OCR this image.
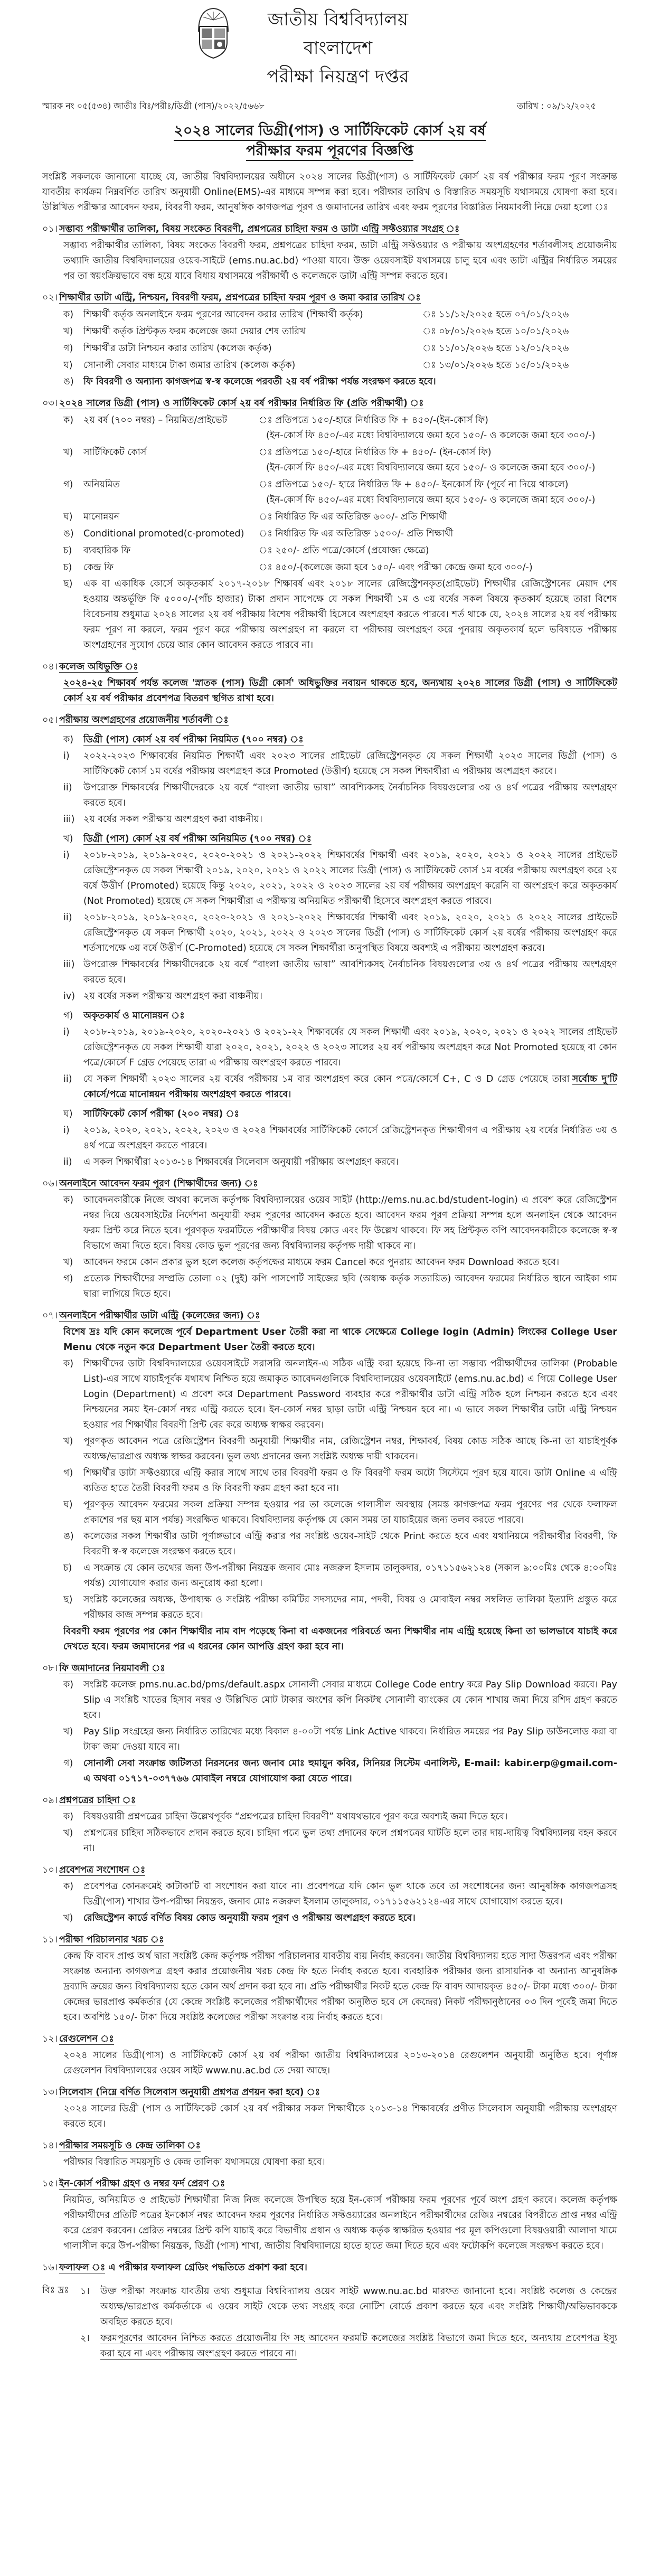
জাতীয় বিশ্ববিদ্যালয়
বাংলাদেশ
পরীক্ষা নিয়ন্ত্রণ দপ্তর
স্মারক নং ০৫(৫৩৪) জাতীঃ বিঃ/পরীঃ/ডিগ্রী (পাস)/২০২২/৫৬৬৮	তারিখ : ০৯/১২/২০২৫
২০২৪ সালের ডিগ্রী(পাস) ও সার্টিফিকেট কোর্স ২য় বর্ষ
পরীক্ষার ফরম পূরণের বিজ্ঞপ্তি
সংশ্লিষ্ট সকলকে জানানো যাচ্ছে যে, জাতীয় বিশ্ববিদ্যালয়ের অধীনে ২০২৪ সালের ডিগ্রী(পাস) ও সার্টিফিকেট কোর্স ২য় বর্ষ পরীক্ষার ফরম পূরণ সংক্রান্ত যাবতীয় কার্যক্রম নিম্নবর্ণিত তারিখ অনুযায়ী Online(EMS)-এর মাধ্যমে সম্পন্ন করা হবে। পরীক্ষার তারিখ ও বিস্তারিত সময়সূচি যথাসময়ে ঘোষণা করা হবে। উল্লিখিত পরীক্ষার আবেদন ফরম, বিবরণী ফরম, আনুষঙ্গিক কাগজপত্র পূরণ ও জমাদানের তারিখ এবং ফরম পূরণের বিস্তারিত নিয়মাবলী নিম্নে দেয়া হলো ঃ
০১। সম্ভাব্য পরীক্ষার্থীর তালিকা, বিষয় সংকেত বিবরণী, প্রশ্নপত্রের চাহিদা ফরম ও ডাটা এন্ট্রি সফ্টওয়্যার সংগ্রহ ঃ
সম্ভাব্য পরীক্ষার্থীর তালিকা, বিষয় সংকেত বিবরণী ফরম, প্রশ্নপত্রের চাহিদা ফরম, ডাটা এন্ট্রি সফ্টওয়্যার ও পরীক্ষায় অংশগ্রহণের শর্তাবলীসহ প্রয়োজনীয় তথ্যাদি জাতীয় বিশ্ববিদ্যালয়ের ওয়েব-সাইটে (ems.nu.ac.bd) পাওয়া যাবে। উক্ত ওয়েবসাইট যথাসময়ে চালু হবে এবং ডাটা এন্ট্রির নির্ধারিত সময়ের পর তা স্বয়ংক্রিয়ভাবে বন্ধ হয়ে যাবে বিধায় যথাসময়ে পরীক্ষার্থী ও কলেজকে ডাটা এন্ট্রি সম্পন্ন করতে হবে।
০২। শিক্ষার্থীর ডাটা এন্ট্রি, নিশ্চয়ন, বিবরণী ফরম, প্রশ্নপত্রের চাহিদা ফরম পূরণ ও জমা করার তারিখ ঃ
ক)	শিক্ষার্থী কর্তৃক অনলাইনে ফরম পূরণের আবেদন করার তারিখ (শিক্ষার্থী কর্তৃক)	ঃ ১১/১২/২০২৫ হতে ০৭/০১/২০২৬
খ)	শিক্ষার্থী কর্তৃক প্রিন্টকৃত ফরম কলেজে জমা দেয়ার শেষ তারিখ	ঃ ০৮/০১/২০২৬ হতে ১০/০১/২০২৬
গ)	শিক্ষার্থীর ডাটা নিশ্চয়ন করার তারিখ (কলেজ কর্তৃক)	ঃ ১১/০১/২০২৬ হতে ১২/০১/২০২৬
ঘ)	সোনালী সেবার মাধ্যমে টাকা জমার তারিখ (কলেজ কর্তৃক)	ঃ ১৩/০১/২০২৬ হতে ১৫/০১/২০২৬
ঙ)	ফি বিবরণী ও অন্যান্য কাগজপত্র স্ব-স্ব কলেজে পরবর্তী ২য় বর্ষ পরীক্ষা পর্যন্ত সংরক্ষণ করতে হবে।
০৩। ২০২৪ সালের ডিগ্রী (পাস) ও সার্টিফিকেট কোর্স ২য় বর্ষ পরীক্ষার নির্ধারিত ফি (প্রতি পরীক্ষার্থী) ঃ
ক)	২য় বর্ষ (৭০০ নম্বর) – নিয়মিত/প্রাইভেট	ঃ প্রতিপত্রে ১৫০/-হারে নির্ধারিত ফি + ৪৫০/-(ইন-কোর্স ফি)
(ইন-কোর্স ফি ৪৫০/-এর মধ্যে বিশ্ববিদ্যালয়ে জমা হবে ১৫০/- ও কলেজে জমা হবে ৩০০/-)
খ)	সার্টিফিকেট কোর্স	ঃ প্রতিপত্রে ১৫০/-হারে নির্ধারিত ফি + ৪৫০/- (ইন-কোর্স ফি)
(ইন-কোর্স ফি ৪৫০/-এর মধ্যে বিশ্ববিদ্যালয়ে জমা হবে ১৫০/- ও কলেজে জমা হবে ৩০০/-)
গ)	অনিয়মিত	ঃ প্রতিপত্রে ১৫০/- হারে নির্ধারিত ফি + ৪৫০/- ইনকোর্স ফি (পূর্বে না দিয়ে থাকলে)
(ইন-কোর্স ফি ৪৫০/-এর মধ্যে বিশ্ববিদ্যালয়ে জমা হবে ১৫০/- ও কলেজে জমা হবে ৩০০/-)
ঘ)	মানোন্নয়ন	ঃ নির্ধারিত ফি এর অতিরিক্ত ৬০০/- প্রতি শিক্ষার্থী
ঙ)	Conditional promoted(c-promoted) ঃ নির্ধারিত ফি এর অতিরিক্ত ১৫০০/- প্রতি শিক্ষার্থী
চ)	ব্যবহারিক ফি	ঃ ২৫০/- প্রতি পত্রে/কোর্সে (প্রযোজ্য ক্ষেত্রে)
চ)	কেন্দ্র ফি	ঃ ৪৫০/-(কলেজে জমা হবে ১৫০/- এবং পরীক্ষা কেন্দ্রে জমা হবে ৩০০/-)
ছ)	এক বা একাধিক কোর্সে অকৃতকার্য ২০১৭-২০১৮ শিক্ষাবর্ষ এবং ২০১৮ সালের রেজিস্ট্রেশনকৃত(প্রাইভেট) শিক্ষার্থীর রেজিস্ট্রেশনের মেয়াদ শেষ হওয়ায় অন্তর্ভূক্তি ফি ৫০০০/-(পাঁচ হাজার) টাকা প্রদান সাপেক্ষে যে সকল শিক্ষার্থী ১ম ও ৩য় বর্ষের সকল বিষয়ে কৃতকার্য হয়েছে তারা বিশেষ বিবেচনায় শুধুমাত্র ২০২৪ সালের ২য় বর্ষ পরীক্ষায় বিশেষ পরীক্ষার্থী হিসেবে অংশগ্রহণ করতে পারবে। শর্ত থাকে যে, ২০২৪ সালের ২য় বর্ষ পরীক্ষায় ফরম পূরণ না করলে, ফরম পূরণ করে পরীক্ষায় অংশগ্রহণ না করলে বা পরীক্ষায় অংশগ্রহণ করে পুনরায় অকৃতকার্য হলে ভবিষ্যতে পরীক্ষায় অংশগ্রহণের সুযোগ চেয়ে আর কোন আবেদন করতে পারবে না।
০৪। কলেজ অধিভুক্তি ঃ
২০২৪-২৫ শিক্ষাবর্ষ পর্যন্ত কলেজ 'স্নাতক (পাস) ডিগ্রী কোর্স' অধিভুক্তির নবায়ন থাকতে হবে, অন্যথায় ২০২৪ সালের ডিগ্রী (পাস) ও সার্টিফিকেট কোর্স ২য় বর্ষ পরীক্ষার প্রবেশপত্র বিতরণ স্থগিত রাখা হবে।
০৫। পরীক্ষায় অংশগ্রহণের প্রয়োজনীয় শর্তাবলী ঃ
ক)	ডিগ্রী (পাস) কোর্স ২য় বর্ষ পরীক্ষা নিয়মিত (৭০০ নম্বর) ঃ
i)	২০২২-২০২৩ শিক্ষাবর্ষের নিয়মিত শিক্ষার্থী এবং ২০২৩ সালের প্রাইভেট রেজিস্ট্রেশনকৃত যে সকল শিক্ষার্থী ২০২৩ সালের ডিগ্রী (পাস) ও সার্টিফিকেট কোর্স ১ম বর্ষের পরীক্ষায় অংশগ্রহণ করে Promoted (উত্তীর্ণ) হয়েছে সে সকল শিক্ষার্থীরা এ পরীক্ষায় অংশগ্রহণ করবে।
ii)	উপরোক্ত শিক্ষাবর্ষের শিক্ষার্থীদেরকে ২য় বর্ষে “বাংলা জাতীয় ভাষা” আবশ্যিকসহ নৈর্বাচনিক বিষয়গুলোর ৩য় ও ৪র্থ পত্রের পরীক্ষায় অংশগ্রহণ করতে হবে।
iii) ২য় বর্ষের সকল পরীক্ষায় অংশগ্রহণ করা বাঞ্চনীয়।
খ)	ডিগ্রী (পাস) কোর্স ২য় বর্ষ পরীক্ষা অনিয়মিত (৭০০ নম্বর) ঃ
i)	২০১৮-২০১৯, ২০১৯-২০২০, ২০২০-২০২১ ও ২০২১-২০২২ শিক্ষাবর্ষের শিক্ষার্থী এবং ২০১৯, ২০২০, ২০২১ ও ২০২২ সালের প্রাইভেট রেজিস্ট্রেশনকৃত যে সকল শিক্ষার্থী ২০১৯, ২০২০, ২০২১ ও ২০২২ সালের ডিগ্রী (পাস) ও সার্টিফিকেট কোর্স ১ম বর্ষের পরীক্ষায় অংশগ্রহণ করে ২য় বর্ষে উত্তীর্ণ (Promoted) হয়েছে কিন্তু ২০২০, ২০২১, ২০২২ ও ২০২৩ সালের ২য় বর্ষ পরীক্ষায় অংশগ্রহণ করেনি বা অংশগ্রহণ করে অকৃতকার্য (Not Promoted) হয়েছে সে সকল শিক্ষার্থীরা এ পরীক্ষায় অনিয়মিত পরীক্ষার্থী হিসেবে অংশগ্রহণ করতে পারবে।
ii)	২০১৮-২০১৯, ২০১৯-২০২০, ২০২০-২০২১ ও ২০২১-২০২২ শিক্ষাবর্ষের শিক্ষার্থী এবং ২০১৯, ২০২০, ২০২১ ও ২০২২ সালের প্রাইভেট রেজিস্ট্রেশনকৃত যে সকল শিক্ষার্থী ২০২০, ২০২১, ২০২২ ও ২০২৩ সালের ডিগ্রী (পাস) ও সার্টিফিকেট কোর্স ২য় বর্ষের পরীক্ষায় অংশগ্রহণ করে শর্তসাপেক্ষে ৩য় বর্ষে উত্তীর্ণ (C-Promoted) হয়েছে সে সকল শিক্ষার্থীরা অনুপস্থিত বিষয়ে অবশ্যই এ পরীক্ষায় অংশগ্রহণ করবে।
iii) উপরোক্ত শিক্ষাবর্ষের শিক্ষার্থীদেরকে ২য় বর্ষে “বাংলা জাতীয় ভাষা” আবশ্যিকসহ নৈর্বাচনিক বিষয়গুলোর ৩য় ও ৪র্থ পত্রের পরীক্ষায় অংশগ্রহণ করতে হবে।
iv) ২য় বর্ষের সকল পরীক্ষায় অংশগ্রহণ করা বাঞ্চনীয়।
গ)	অকৃতকার্য ও মানোন্নয়ন ঃ
i)	২০১৮-২০১৯, ২০১৯-২০২০, ২০২০-২০২১ ও ২০২১-২২ শিক্ষাবর্ষের যে সকল শিক্ষার্থী এবং ২০১৯, ২০২০, ২০২১ ও ২০২২ সালের প্রাইভেট রেজিস্ট্রেশনকৃত যে সকল শিক্ষার্থী যারা ২০২০, ২০২১, ২০২২ ও ২০২৩ সালের ২য় বর্ষ পরীক্ষায় অংশগ্রহণ করে Not Promoted হয়েছে বা কোন পত্রে/কোর্সে F গ্রেড পেয়েছে তারা এ পরীক্ষায় অংশগ্রহণ করতে পারবে।
ii)	যে সকল শিক্ষার্থী ২০২৩ সালের ২য় বর্ষের পরীক্ষায় ১ম বার অংশগ্রহণ করে কোন পত্রে/কোর্সে C+, C ও D গ্রেড পেয়েছে তারা সর্বোচ্চ দু'টি কোর্সে/পত্রে মানোন্নয়ন পরীক্ষায় অংশগ্রহণ করতে পারবে।
ঘ)	সার্টিফিকেট কোর্স পরীক্ষা (২০০ নম্বর) ঃ
i)	২০১৯, ২০২০, ২০২১, ২০২২, ২০২৩ ও ২০২৪ শিক্ষাবর্ষের সার্টিফিকেট কোর্সে রেজিস্ট্রেশনকৃত শিক্ষার্থীগণ এ পরীক্ষায় ২য় বর্ষের নির্ধারিত ৩য় ও ৪র্থ পত্রে অংশগ্রহণ করতে পারবে।
ii)	এ সকল শিক্ষার্থীরা ২০১৩-১৪ শিক্ষাবর্ষের সিলেবাস অনুযায়ী পরীক্ষায় অংশগ্রহণ করবে।
০৬। অনলাইনে আবেদন ফরম পূরণ (শিক্ষার্থীদের জন্য) ঃ
ক)	আবেদনকারীকে নিজে অথবা কলেজ কর্তৃপক্ষ বিশ্ববিদ্যালয়ের ওয়েব সাইট (http://ems.nu.ac.bd/student-login) এ প্রবেশ করে রেজিস্ট্রেশন নম্বর দিয়ে ওয়েবসাইটের নির্দেশনা অনুযায়ী ফরম পূরণের আবেদন করতে হবে। আবেদন ফরম পূরণ প্রক্রিয়া সম্পন্ন হলে অনলাইন থেকে আবেদন ফরম প্রিন্ট করে নিতে হবে। পূরণকৃত ফরমটিতে পরীক্ষার্থীর বিষয় কোড এবং ফি উল্লেখ থাকবে। ফি সহ প্রিন্টকৃত কপি আবেদনকারীকে কলেজে স্ব-স্ব বিভাগে জমা দিতে হবে। বিষয় কোড ভুল পূরণের জন্য বিশ্ববিদ্যালয় কর্তৃপক্ষ দায়ী থাকবে না।
খ)	আবেদন ফরমে কোন প্রকার ভুল হলে কলেজ কর্তৃপক্ষের মাধ্যমে ফরম Cancel করে পুনরায় আবেদন ফরম Download করতে হবে।
গ)	প্রত্যেক শিক্ষার্থীদের সম্প্রতি তোলা ০২ (দুই) কপি পাসপোর্ট সাইজের ছবি (অধ্যক্ষ কর্তৃক সত্যায়িত) আবেদন ফরমের নির্ধারিত স্থানে আইকা গাম দ্বারা লাগিয়ে দিতে হবে।
০৭। অনলাইনে পরীক্ষার্থীর ডাটা এন্ট্রি (কলেজের জন্য) ঃ
বিশেষ দ্রঃ যদি কোন কলেজে পূর্বে Department User তৈরী করা না থাকে সেক্ষেত্রে College login (Admin) লিংকের College User Menu থেকে নতুন করে Department User তৈরী করতে হবে।
ক)	শিক্ষার্থীদের ডাটা বিশ্ববিদ্যালয়ের ওয়েবসাইটে সরাসরি অনলাইন-এ সঠিক এন্ট্রি করা হয়েছে কি-না তা সম্ভাব্য পরীক্ষার্থীদের তালিকা (Probable List)-এর সাথে যাচাইপূর্বক যথাযথ নিশ্চিত হয়ে জমাকৃত আবেদনগুলিকে বিশ্ববিদ্যালয়ের ওয়েবসাইটে (ems.nu.ac.bd) এ গিয়ে College User Login (Department) এ প্রবেশ করে Department Password ব্যবহার করে পরীক্ষার্থীর ডাটা এন্ট্রি সঠিক হলে নিশ্চয়ন করতে হবে এবং নিশ্চয়নের সময় ইন-কোর্স নম্বর এন্ট্রি করতে হবে। ইন-কোর্স নম্বর ছাড়া ডাটা এন্ট্রি নিশ্চয়ন হবে না। এ ভাবে সকল শিক্ষার্থীর ডাটা এন্ট্রি নিশ্চয়ন হওয়ার পর শিক্ষার্থীর বিবরণী প্রিন্ট বের করে অধ্যক্ষ স্বাক্ষর করবেন।
খ)	পূরণকৃত আবেদন পত্রে রেজিস্ট্রেশন বিবরণী অনুযায়ী শিক্ষার্থীর নাম, রেজিস্ট্রেশন নম্বর, শিক্ষাবর্ষ, বিষয় কোড সঠিক আছে কি-না তা যাচাইপূর্বক অধ্যক্ষ/ভারপ্রাপ্ত অধ্যক্ষ স্বাক্ষর করবেন। ভুল তথ্য প্রদানের জন্য সংশ্লিষ্ট অধ্যক্ষ দায়ী থাকবেন।
গ)	শিক্ষার্থীর ডাটা সফ্টওয়্যারে এন্ট্রি করার সাথে সাথে তার বিবরণী ফরম ও ফি বিবরণী ফরম অটো সিস্টেমে পূরণ হয়ে যাবে। ডাটা Online এ এন্ট্রি ব্যতিত হাতে তৈরী বিবরণী ফরম ও ফি বিবরণী ফরম গ্রহণ করা হবে না।
ঘ)	পূরণকৃত আবেদন ফরমের সকল প্রক্রিয়া সম্পন্ন হওয়ার পর তা কলেজে গালাসীল অবস্থায় (সমস্ত কাগজপত্র ফরম পূরণের পর থেকে ফলাফল প্রকাশের পর ছয় মাস পর্যন্ত) সংরক্ষিত থাকবে। বিশ্ববিদ্যালয় কর্তৃপক্ষ যে কোন সময় তা যাচাইয়ের জন্য তলব করতে পারবে।
ঙ)	কলেজের সকল শিক্ষার্থীর ডাটা পূর্ণাঙ্গভাবে এন্ট্রি করার পর সংশ্লিষ্ট ওয়েব-সাইট থেকে Print করতে হবে এবং যথানিয়মে পরীক্ষার্থীর বিবরণী, ফি বিবরণী স্ব-স্ব কলেজে সংরক্ষণ করতে হবে।
চ)	এ সংক্রান্ত যে কোন তথ্যের জন্য উপ-পরীক্ষা নিয়ন্ত্রক জনাব মোঃ নজরুল ইসলাম তালুকদার, ০১৭১১৫৬২১২৪ (সকাল ৯:০০মিঃ থেকে ৪:০০মিঃ পর্যন্ত) যোগাযোগ করার জন্য অনুরোধ করা হলো।
ছ)	সংশ্লিষ্ট কলেজের অধ্যক্ষ, উপাধ্যক্ষ ও সংশ্লিষ্ট পরীক্ষা কমিটির সদস্যদের নাম, পদবী, বিষয় ও মোবাইল নম্বর সম্বলিত তালিকা ইত্যাদি প্রস্তুত করে পরীক্ষার কাজ সম্পন্ন করতে হবে।
বিবরণী ফরম পূরণের পর কোন শিক্ষার্থীর নাম বাদ পড়েছে কিনা বা একজনের পরিবর্তে অন্য শিক্ষার্থীর নাম এন্ট্রি হয়েছে কিনা তা ভালভাবে যাচাই করে দেখতে হবে। ফরম জমাদানের পর এ ধরনের কোন আপত্তি গ্রহণ করা হবে না।
০৮। ফি জমাদানের নিয়মাবলী ঃ
ক)	সংশ্লিষ্ট কলেজ pms.nu.ac.bd/pms/default.aspx সোনালী সেবার মাধ্যমে College Code entry করে Pay Slip Download করবে। Pay Slip এ সংশ্লিষ্ট খাতের হিসাব নম্বর ও উল্লিখিত মোট টাকার অংশের কপি নিকটস্থ সোনালী ব্যাংকের যে কোন শাখায় জমা দিয়ে রশিদ গ্রহণ করতে হবে।
খ)	Pay Slip সংগ্রহের জন্য নির্ধারিত তারিখের মধ্যে বিকাল ৪-০০টা পর্যন্ত Link Active থাকবে। নির্ধারিত সময়ের পর Pay Slip ডাউনলোড করা বা টাকা জমা দেওয়া যাবে না।
গ)	সোনালী সেবা সংক্রান্ত জটিলতা নিরসনের জন্য জনাব মোঃ হুমায়ুন কবির, সিনিয়র সিস্টেম এনালিস্ট, E-mail: kabir.erp@gmail.com-এ অথবা ০১৭১৭-০৩৭৭৬৬ মোবাইল নম্বরে যোগাযোগ করা যেতে পারে।
০৯। প্রশ্নপত্রের চাহিদা ঃ
ক)	বিষয়ওয়ারী প্রশ্নপত্রের চাহিদা উল্লেখপূর্বক “প্রশ্নপত্রের চাহিদা বিবরণী” যথাযথভাবে পূরণ করে অবশ্যই জমা দিতে হবে।
খ)	প্রশ্নপত্রের চাহিদা সঠিকভাবে প্রদান করতে হবে। চাহিদা পত্রে ভুল তথ্য প্রদানের ফলে প্রশ্নপত্রের ঘাটতি হলে তার দায়-দায়িত্ব বিশ্ববিদ্যালয় বহন করবে না।
১০। প্রবেশপত্র সংশোধন ঃ
ক)	প্রবেশপত্র কোনক্রমেই কাটাকাটি বা সংশোধন করা যাবে না। প্রবেশপত্রে যদি কোন ভুল থাকে তবে তা সংশোধনের জন্য আনুষঙ্গিক কাগজপত্রসহ ডিগ্রী(পাস) শাখার উপ-পরীক্ষা নিয়ন্ত্রক, জনাব মোঃ নজরুল ইসলাম তালুকদার, ০১৭১১৫৬২১২৪-এর সাথে যোগাযোগ করতে হবে।
খ)	রেজিস্ট্রেশন কার্ডে বর্ণিত বিষয় কোড অনুযায়ী ফরম পূরণ ও পরীক্ষায় অংশগ্রহণ করতে হবে।
১১। পরীক্ষা পরিচালনার খরচ ঃ
কেন্দ্র ফি বাবদ প্রাপ্ত অর্থ দ্বারা সংশ্লিষ্ট কেন্দ্র কর্তৃপক্ষ পরীক্ষা পরিচালনার যাবতীয় ব্যয় নির্বাহ করবেন। জাতীয় বিশ্ববিদ্যালয় হতে সাদা উত্তরপত্র এবং পরীক্ষা সংক্রান্ত অন্যান্য কাগজপত্র গ্রহণ করার প্রয়োজনীয় খরচ কেন্দ্র ফি হতে নির্বাহ করতে হবে। ব্যবহারিক পরীক্ষার জন্য রাসায়নিক বা অন্যান্য আনুষঙ্গিক দ্রব্যাদি ক্রয়ের জন্য বিশ্ববিদ্যালয় হতে কোন অর্থ প্রদান করা হবে না। প্রতি পরীক্ষার্থীর নিকট হতে কেন্দ্র ফি বাবদ আদায়কৃত ৪৫০/- টাকা মধ্যে ৩০০/- টাকা কেন্দ্রের ভারপ্রাপ্ত কর্মকর্তার (যে কেন্দ্রে সংশ্লিষ্ট কলেজের পরীক্ষার্থীদের পরীক্ষা অনুষ্ঠিত হবে সে কেন্দ্রের) নিকট পরীক্ষানুষ্ঠানের ০৩ দিন পূর্বেই জমা দিতে হবে। অবশিষ্ট ১৫০/- টাকা দিয়ে সংশ্লিষ্ট কলেজের পরীক্ষা সংক্রান্ত ব্যয় নির্বাহ করতে হবে।
১২। রেগুলেশন ঃ
২০২৪ সালের ডিগ্রী(পাস) ও সার্টিফিকেট কোর্স ২য় বর্ষ পরীক্ষা জাতীয় বিশ্ববিদ্যালয়ের ২০১৩-২০১৪ রেগুলেশন অনুযায়ী অনুষ্ঠিত হবে। পূর্ণাঙ্গ রেগুলেশন বিশ্ববিদ্যালয়ের ওয়েব সাইট www.nu.ac.bd তে দেয়া আছে।
১৩। সিলেবাস (নিম্নে বর্ণিত সিলেবাস অনুযায়ী প্রশ্নপত্র প্রণয়ন করা হবে) ঃ
২০২৪ সালের ডিগ্রী (পাস ও সার্টিফিকেট কোর্স ২য় বর্ষ পরীক্ষার সকল শিক্ষার্থীকে ২০১৩-১৪ শিক্ষাবর্ষের প্রণীত সিলেবাস অনুযায়ী পরীক্ষায় অংশগ্রহণ করতে হবে।
১৪। পরীক্ষার সময়সূচি ও কেন্দ্র তালিকা ঃ
পরীক্ষার বিস্তারিত সময়সূচি ও কেন্দ্র তালিকা যথাসময়ে ঘোষণা করা হবে।
১৫। ইন-কোর্স পরীক্ষা গ্রহণ ও নম্বর ফর্দ প্রেরণ ঃ
নিয়মিত, অনিয়মিত ও প্রাইভেট শিক্ষার্থীরা নিজ নিজ কলেজে উপস্থিত হয়ে ইন-কোর্স পরীক্ষায় ফরম পূরণের পূর্বে অংশ গ্রহণ করবে। কলেজ কর্তৃপক্ষ পরীক্ষার্থীদের প্রতিটি পত্রের ইনকোর্স নম্বর আবেদন ফরম পূরণের নির্ধারিত সফ্টওয়্যারের অনলাইনে পরীক্ষার্থীদের রেজিঃ নম্বরের বিপরীতে প্রাপ্ত নম্বর এন্ট্রি করে প্রেরণ করবেন। প্রেরিত নম্বরের প্রিন্ট কপি যাচাই করে বিভাগীয় প্রধান ও অধ্যক্ষ কর্তৃক স্বাক্ষরিত হওয়ার পর মূল কপিগুলো বিষয়ওয়ারী আলাদা খামে গালাসীল করে উপ-পরীক্ষা নিয়ন্ত্রক, ডিগ্রী (পাস) শাখা, জাতীয় বিশ্ববিদ্যালয়ে হাতে হাতে জমা দিতে হবে এবং ফটোকপি কলেজে সংরক্ষণ করতে হবে।
১৬। ফলাফল ঃ এ পরীক্ষার ফলাফল গ্রেডিং পদ্ধতিতে প্রকাশ করা হবে।
বিঃ দ্রঃ	১।	উক্ত পরীক্ষা সংক্রান্ত যাবতীয় তথ্য শুধুমাত্র বিশ্ববিদ্যালয় ওয়েব সাইট www.nu.ac.bd মারফত জানানো হবে। সংশ্লিষ্ট কলেজ ও কেন্দ্রের অধ্যক্ষ/ভারপ্রাপ্ত কর্মকর্তাকে এ ওয়েব সাইট থেকে তথ্য সংগ্রহ করে নোটিশ বোর্ডে প্রকাশ করতে হবে এবং সংশ্লিষ্ট শিক্ষার্থী/অভিভাবককে অবহিত করতে হবে।
২।	ফরমপূরণের আবেদন নিশ্চিত করতে প্রয়োজনীয় ফি সহ আবেদন ফরমটি কলেজের সংশ্লিষ্ট বিভাগে জমা দিতে হবে, অন্যথায় প্রবেশপত্র ইস্যু করা হবে না এবং পরীক্ষায় অংশগ্রহণ করতে পারবে না।
